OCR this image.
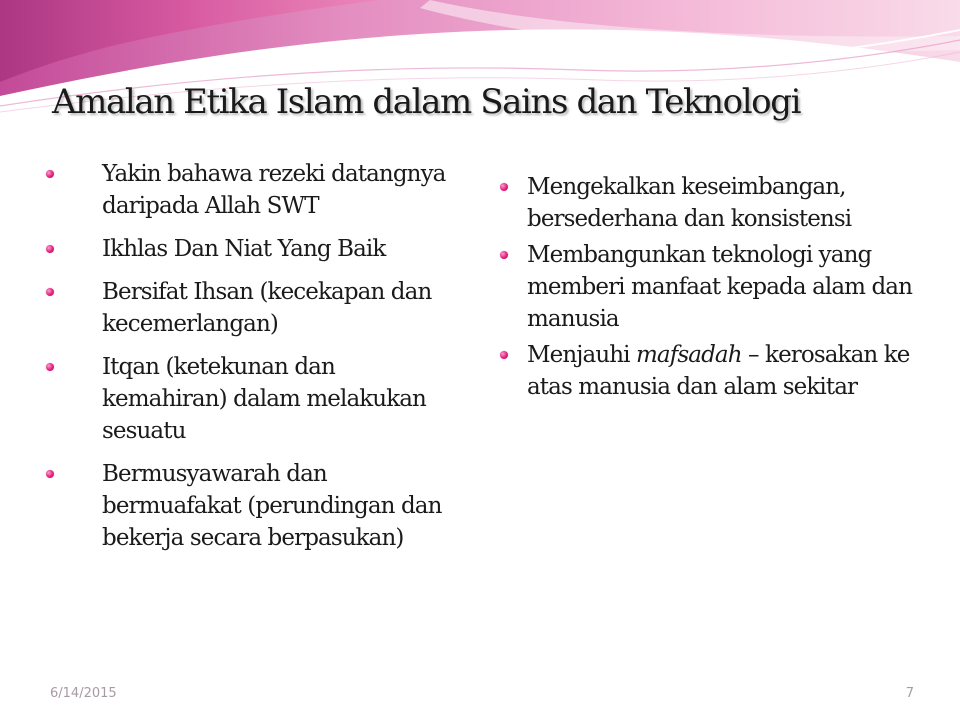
Amalan Etika Islam dalam Sains dan Teknologi
Yakin bahawa rezeki datangnya daripada Allah SWT
Ikhlas Dan Niat Yang Baik
Bersifat Ihsan (kecekapan dan kecemerlangan)
Itqan (ketekunan dan kemahiran) dalam melakukan sesuatu
Bermusyawarah dan bermuafakat (perundingan dan bekerja secara berpasukan)
Mengekalkan keseimbangan, bersederhana dan konsistensi
Membangunkan teknologi yang memberi manfaat kepada alam dan manusia
Menjauhi mafsadah – kerosakan ke atas manusia dan alam sekitar
6/14/2015	7
